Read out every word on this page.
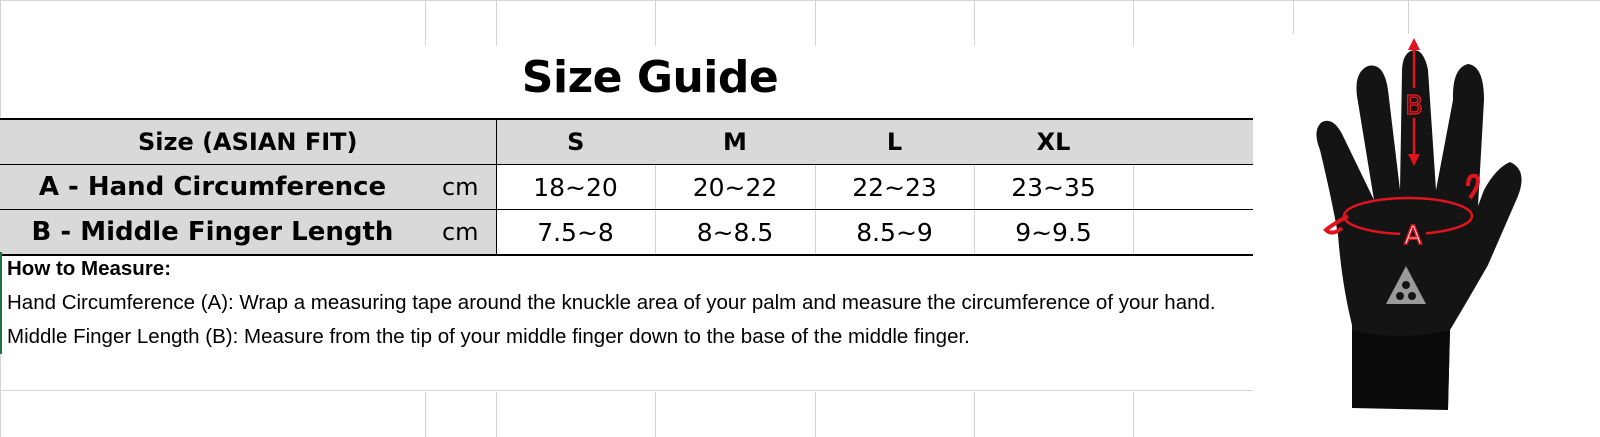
Size Guide
Size (ASIAN FIT)		S	M	L	XL	
A - Hand Circumference	cm	18~20	20~22	22~23	23~35	
B - Middle Finger Length	cm	7.5~8	8~8.5	8.5~9	9~9.5	

How to Measure:

Hand Circumference (A): Wrap a measuring tape around the knuckle area of your palm and measure the circumference of your hand.

Middle Finger Length (B): Measure from the tip of your middle finger down to the base of the middle finger.

B
A
